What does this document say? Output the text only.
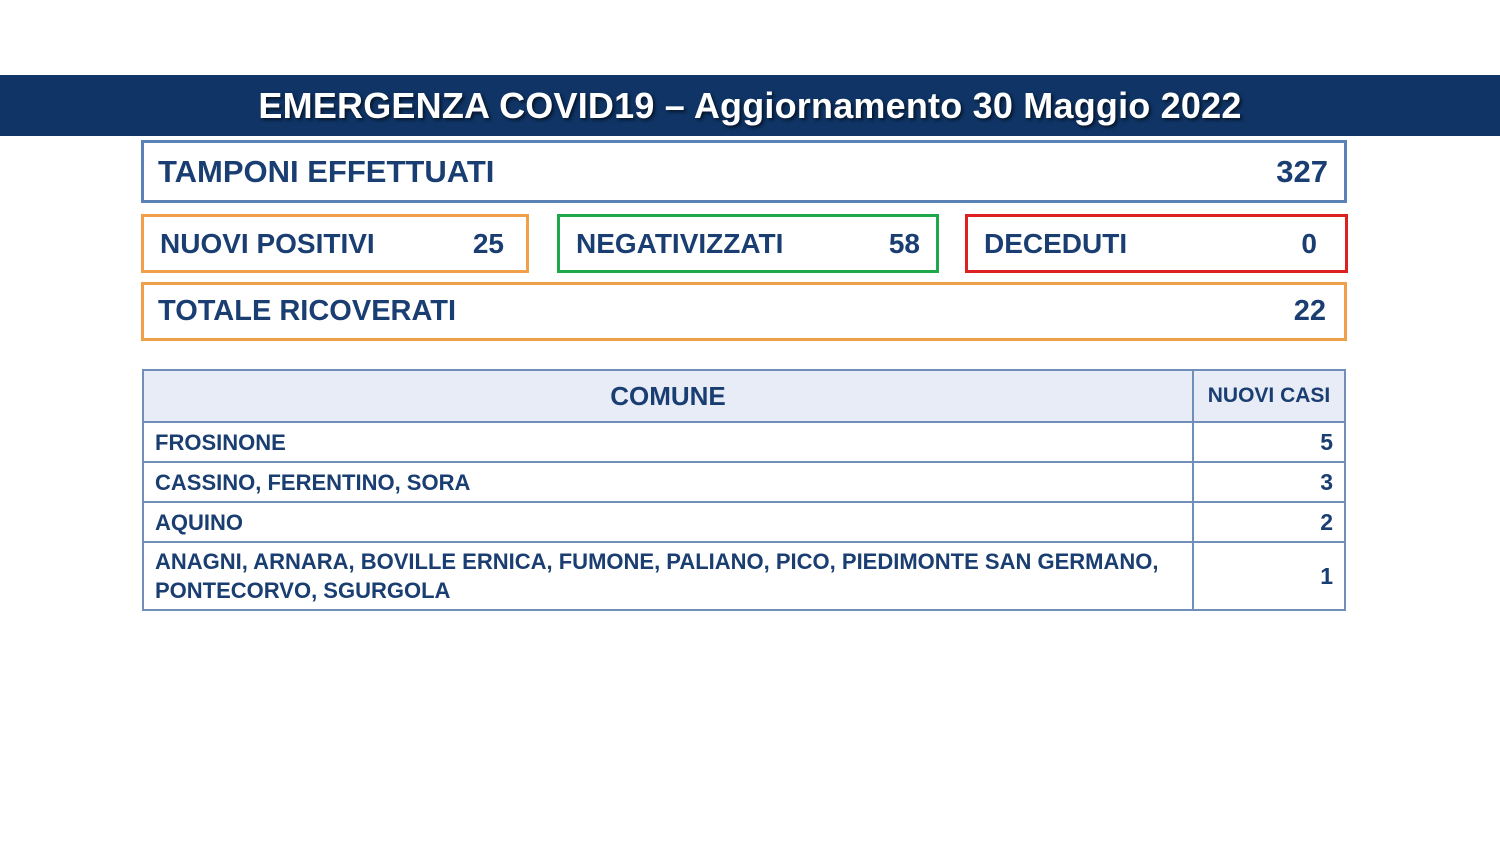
EMERGENZA COVID19 – Aggiornamento 30 Maggio 2022
TAMPONI EFFETTUATI	327
NUOVI POSITIVI	25	NEGATIVIZZATI	58 DECEDUTI	0
TOTALE RICOVERATI	22
COMUNE	NUOVI CASI
FROSINONE	5
CASSINO, FERENTINO, SORA	3
AQUINO	2
ANAGNI, ARNARA, BOVILLE ERNICA, FUMONE, PALIANO, PICO, PIEDIMONTE SAN GERMANO, PONTECORVO, SGURGOLA	1
